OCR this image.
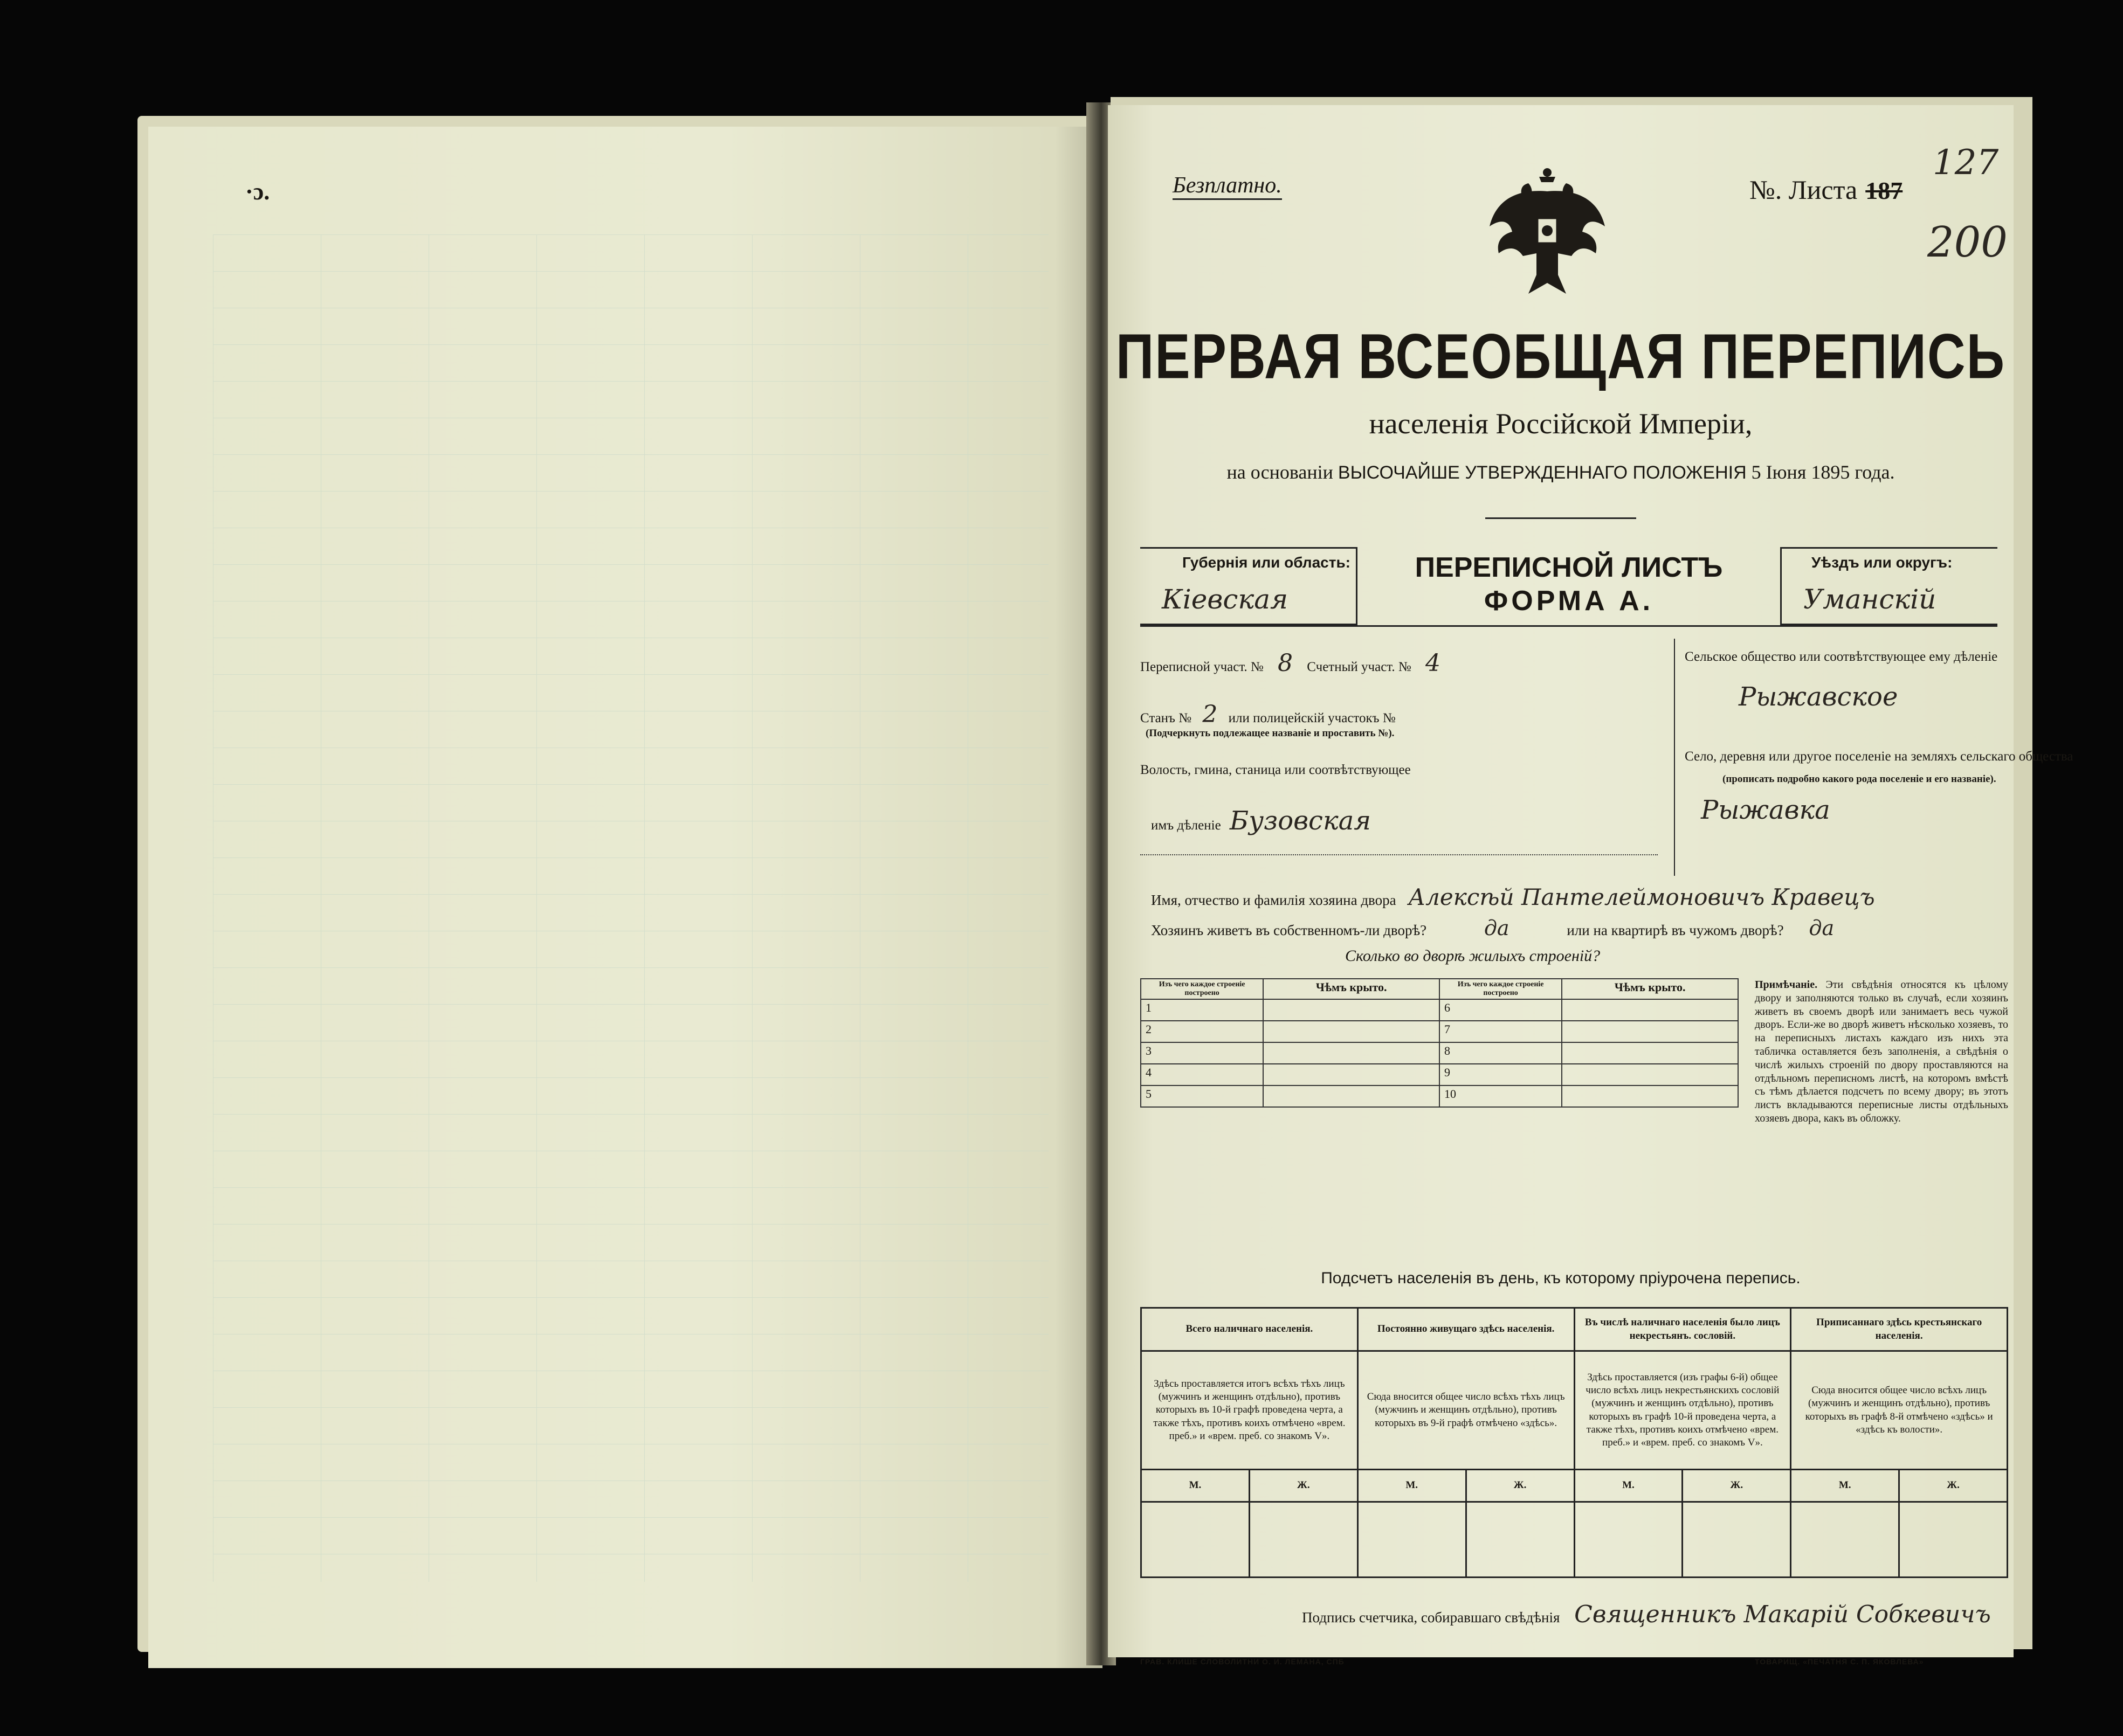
·ɔ.	Безплатно.	№. Листа 187
127
200
ПЕРВАЯ ВСЕОБЩАЯ ПЕРЕПИСЬ
населенія Россійской Имперіи,
на основаніи ВЫСОЧАЙШЕ УТВЕРЖДЕННАГО ПОЛОЖЕНІЯ 5 Іюня 1895 года.
Губернія или область:
Кіевская
ПЕРЕПИСНОЙ ЛИСТЪ
ФОРМА А.
Уѣздъ или округъ:
Уманскій
Переписной участ. № 8 Счетный участ. № 4
Станъ № 2 или полицейскій участокъ №
(Подчеркнуть подлежащее названіе и проставить №).
Волость, гмина, станица или соотвѣтствующее
имъ дѣленіе Бузовская
Сельское общество или соотвѣтствующее ему дѣленіе
Рыжавское
Село, деревня или другое поселеніе на земляхъ сельскаго общества
(прописать подробно какого рода поселеніе и его названіе).
Рыжавка
Имя, отчество и фамилія хозяина двора Алексѣй Пантелеймоновичъ Кравецъ
Хозяинъ живетъ въ собственномъ-ли дворѣ?	да	или на квартирѣ въ чужомъ дворѣ? да
Сколько во дворѣ жилыхъ строеній?
Изъ чего каждое строеніе построено	Чѣмъ крыто.	Изъ чего каждое строеніе построено	Чѣмъ крыто.
1		6	
2		7	
3		8	
4		9	
5		10	
Примѣчаніе. Эти свѣдѣнія относятся къ цѣлому двору и заполняются только въ случаѣ, если хозяинъ живетъ въ своемъ дворѣ или занимаетъ весь чужой дворъ. Если-же во дворѣ живетъ нѣсколько хозяевъ, то на переписныхъ листахъ каждаго изъ нихъ эта табличка оставляется безъ заполненія, а свѣдѣнія о числѣ жилыхъ строеній по двору проставляются на отдѣльномъ переписномъ листѣ, на которомъ вмѣстѣ съ тѣмъ дѣлается подсчетъ по всему двору; въ этотъ листъ вкладываются переписные листы отдѣльныхъ хозяевъ двора, какъ въ обложку.
Подсчетъ населенія въ день, къ которому пріурочена перепись.
Всего наличнаго населенія.		Постоянно живущаго здѣсь населенія.		Въ числѣ наличнаго населенія было лицъ некрестьянъ. сословій.		Приписаннаго здѣсь крестьянскаго населенія.	
Здѣсь проставляется итогъ всѣхъ тѣхъ лицъ (мужчинъ и женщинъ отдѣльно), противъ которыхъ въ 10-й графѣ проведена черта, а также тѣхъ, противъ коихъ отмѣчено «врем. преб.» и «врем. преб. со знакомъ V».		Сюда вносится общее число всѣхъ тѣхъ лицъ (мужчинъ и женщинъ отдѣльно), противъ которыхъ въ 9-й графѣ отмѣчено «здѣсь».		Здѣсь проставляется (изъ графы 6-й) общее число всѣхъ лицъ некрестьянскихъ сословій (мужчинъ и женщинъ отдѣльно), противъ которыхъ въ графѣ 10-й проведена черта, а также тѣхъ, противъ коихъ отмѣчено «врем. преб.» и «врем. преб. со знакомъ V».		Сюда вносится общее число всѣхъ лицъ (мужчинъ и женщинъ отдѣльно), противъ которыхъ въ графѣ 8-й отмѣчено «здѣсь» и «здѣсь къ волости».	
М.	Ж.	М.	Ж.	М.	Ж.	М.	Ж.

Подпись счетчика, собиравшаго свѣдѣнія Священникъ Макарій Собкевичъ
ГРАВ. КЛИШЕ СЛОВОЛИТНИ О. И. ЛЕМАНА, СПБ	ТОВАРИЩ. «ПЕЧАТНЯ С. П. ЯКОВЛЕВА»
